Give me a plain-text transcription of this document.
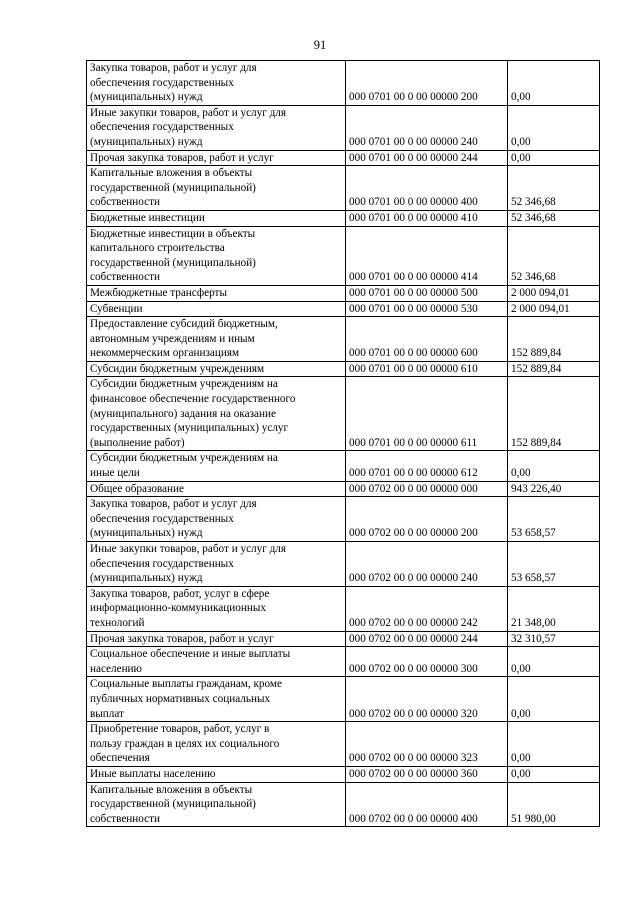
91
Закупка товаров, работ и услуг для
обеспечения государственных
(муниципальных) нужд	000 0701 00 0 00 00000 200	0,00
Иные закупки товаров, работ и услуг для
обеспечения государственных
(муниципальных) нужд	000 0701 00 0 00 00000 240	0,00
Прочая закупка товаров, работ и услуг	000 0701 00 0 00 00000 244	0,00
Капитальные вложения в объекты
государственной (муниципальной)
собственности	000 0701 00 0 00 00000 400	52 346,68
Бюджетные инвестиции	000 0701 00 0 00 00000 410	52 346,68
Бюджетные инвестиции в объекты
капитального строительства
государственной (муниципальной)
собственности	000 0701 00 0 00 00000 414	52 346,68
Межбюджетные трансферты	000 0701 00 0 00 00000 500	2 000 094,01
Субвенции	000 0701 00 0 00 00000 530	2 000 094,01
Предоставление субсидий бюджетным,
автономным учреждениям и иным
некоммерческим организациям	000 0701 00 0 00 00000 600	152 889,84
Субсидии бюджетным учреждениям	000 0701 00 0 00 00000 610	152 889,84
Субсидии бюджетным учреждениям на
финансовое обеспечение государственного
(муниципального) задания на оказание
государственных (муниципальных) услуг
(выполнение работ)	000 0701 00 0 00 00000 611	152 889,84
Субсидии бюджетным учреждениям на
иные цели	000 0701 00 0 00 00000 612	0,00
Общее образование	000 0702 00 0 00 00000 000	943 226,40
Закупка товаров, работ и услуг для
обеспечения государственных
(муниципальных) нужд	000 0702 00 0 00 00000 200	53 658,57
Иные закупки товаров, работ и услуг для
обеспечения государственных
(муниципальных) нужд	000 0702 00 0 00 00000 240	53 658,57
Закупка товаров, работ, услуг в сфере
информационно-коммуникационных
технологий	000 0702 00 0 00 00000 242	21 348,00
Прочая закупка товаров, работ и услуг	000 0702 00 0 00 00000 244	32 310,57
Социальное обеспечение и иные выплаты
населению	000 0702 00 0 00 00000 300	0,00
Социальные выплаты гражданам, кроме
публичных нормативных социальных
выплат	000 0702 00 0 00 00000 320	0,00
Приобретение товаров, работ, услуг в
пользу граждан в целях их социального
обеспечения	000 0702 00 0 00 00000 323	0,00
Иные выплаты населению	000 0702 00 0 00 00000 360	0,00
Капитальные вложения в объекты
государственной (муниципальной)
собственности	000 0702 00 0 00 00000 400	51 980,00
